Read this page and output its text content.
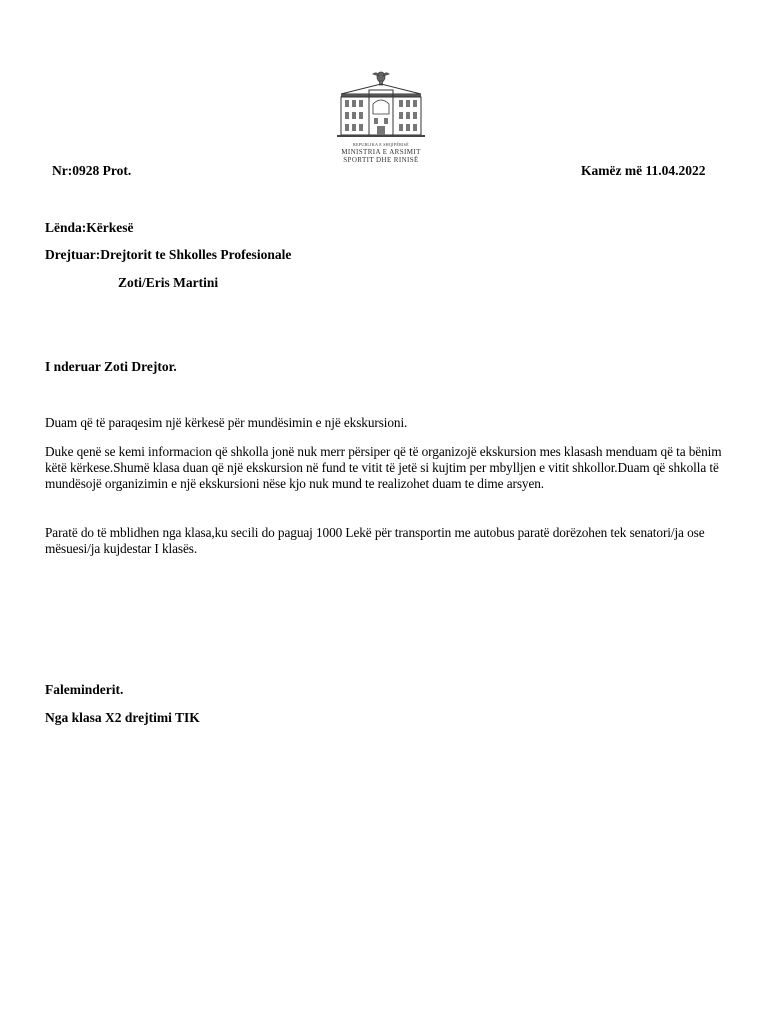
REPUBLIKA E SHQIPËRISË
MINISTRIA E ARSIMIT
SPORTIT DHE RINISË
Nr:0928 Prot.	Kamëz më 11.04.2022
Lënda:Kërkesë
Drejtuar:Drejtorit te Shkolles Profesionale
Zoti/Eris Martini
I nderuar Zoti Drejtor.
Duam që të paraqesim një kërkesë për mundësimin e një ekskursioni.
Duke qenë se kemi informacion që shkolla jonë nuk merr përsiper që të organizojë ekskursion mes klasash menduam që ta bënim këtë kërkese.Shumë klasa duan që një ekskursion në fund te vitit të jetë si kujtim per mbylljen e vitit shkollor.Duam që shkolla të mundësojë organizimin e një ekskursioni nëse kjo nuk mund te realizohet duam te dime arsyen.
Paratë do të mblidhen nga klasa,ku secili do paguaj 1000 Lekë për transportin me autobus paratë dorëzohen tek senatori/ja ose mësuesi/ja kujdestar I klasës.
Faleminderit.
Nga klasa X2 drejtimi TIK
